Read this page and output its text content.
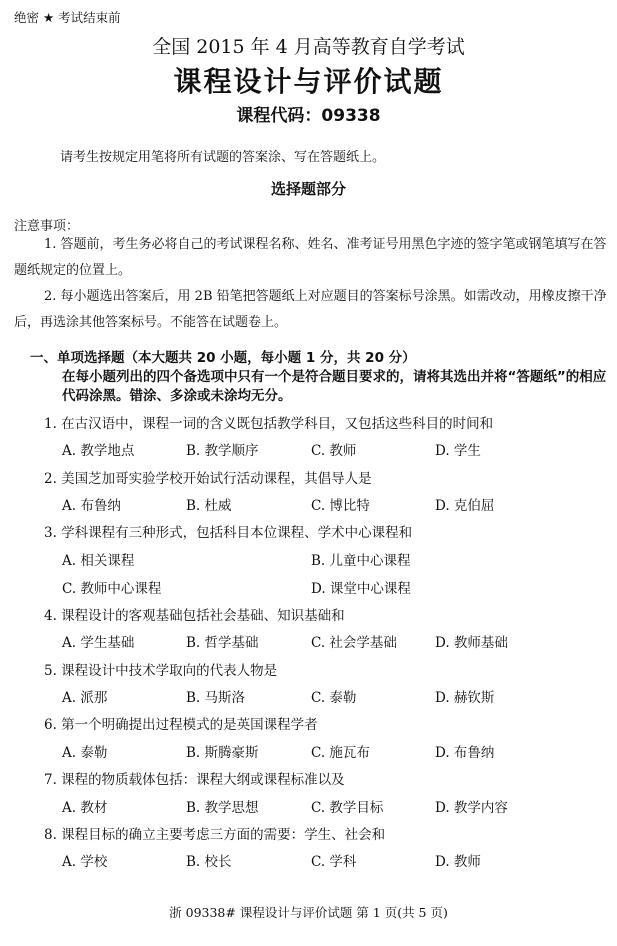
绝密 ★ 考试结束前
全国 2015 年 4 月高等教育自学考试
课程设计与评价试题
课程代码：09338
请考生按规定用笔将所有试题的答案涂、写在答题纸上。
选择题部分
注意事项：
1. 答题前，考生务必将自己的考试课程名称、姓名、准考证号用黑色字迹的签字笔或钢笔填写在答题纸规定的位置上。
2. 每小题选出答案后，用 2B 铅笔把答题纸上对应题目的答案标号涂黑。如需改动，用橡皮擦干净后，再选涂其他答案标号。不能答在试题卷上。
一、单项选择题（本大题共 20 小题，每小题 1 分，共 20 分）
在每小题列出的四个备选项中只有一个是符合题目要求的，请将其选出并将“答题纸”的相应代码涂黑。错涂、多涂或未涂均无分。
1. 在古汉语中，课程一词的含义既包括教学科目，又包括这些科目的时间和
A. 教学地点	B. 教学顺序	C. 教师	D. 学生
2. 美国芝加哥实验学校开始试行活动课程，其倡导人是
A. 布鲁纳	B. 杜威	C. 博比特	D. 克伯屈
3. 学科课程有三种形式，包括科目本位课程、学术中心课程和
A. 相关课程	B. 儿童中心课程
C. 教师中心课程	D. 课堂中心课程
4. 课程设计的客观基础包括社会基础、知识基础和
A. 学生基础	B. 哲学基础	C. 社会学基础	D. 教师基础
5. 课程设计中技术学取向的代表人物是
A. 派那	B. 马斯洛	C. 泰勒	D. 赫钦斯
6. 第一个明确提出过程模式的是英国课程学者
A. 泰勒	B. 斯腾豪斯	C. 施瓦布	D. 布鲁纳
7. 课程的物质载体包括：课程大纲或课程标准以及
A. 教材	B. 教学思想	C. 教学目标	D. 教学内容
8. 课程目标的确立主要考虑三方面的需要：学生、社会和
A. 学校	B. 校长	C. 学科	D. 教师
浙 09338# 课程设计与评价试题 第 1 页(共 5 页)
